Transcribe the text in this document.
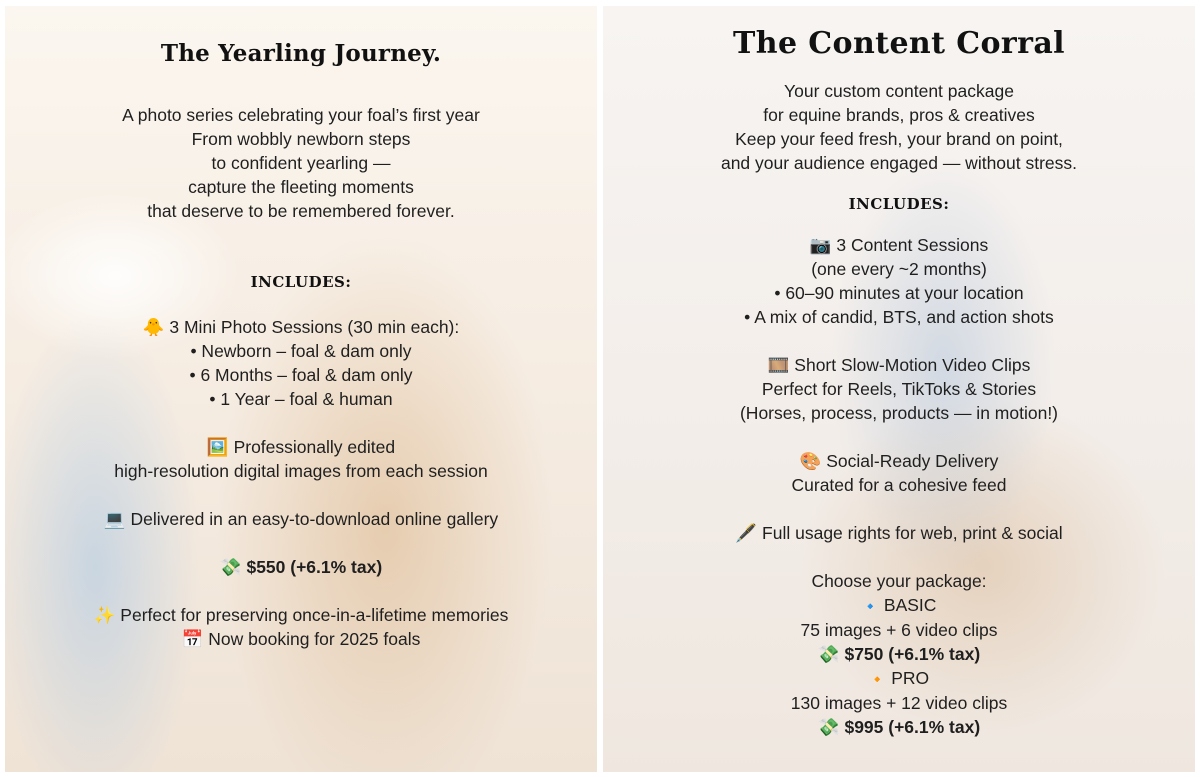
The Yearling Journey.
A photo series celebrating your foal’s first year
From wobbly newborn steps
to confident yearling —
capture the fleeting moments
that deserve to be remembered forever.
INCLUDES:
🐥 3 Mini Photo Sessions (30 min each):
• Newborn – foal & dam only
• 6 Months – foal & dam only
• 1 Year – foal & human
🖼️ Professionally edited
high-resolution digital images from each session
💻 Delivered in an easy-to-download online gallery
💸 $550 (+6.1% tax)
✨ Perfect for preserving once-in-a-lifetime memories
📅 Now booking for 2025 foals
The Content Corral
Your custom content package
for equine brands, pros & creatives
Keep your feed fresh, your brand on point,
and your audience engaged — without stress.
INCLUDES:
📷 3 Content Sessions
(one every ~2 months)
• 60–90 minutes at your location
• A mix of candid, BTS, and action shots
🎞️ Short Slow-Motion Video Clips
Perfect for Reels, TikToks & Stories
(Horses, process, products — in motion!)
🎨 Social-Ready Delivery
Curated for a cohesive feed
🖋️ Full usage rights for web, print & social
Choose your package:
🔹 BASIC
75 images + 6 video clips
💸 $750 (+6.1% tax)
🔸 PRO
130 images + 12 video clips
💸 $995 (+6.1% tax)
